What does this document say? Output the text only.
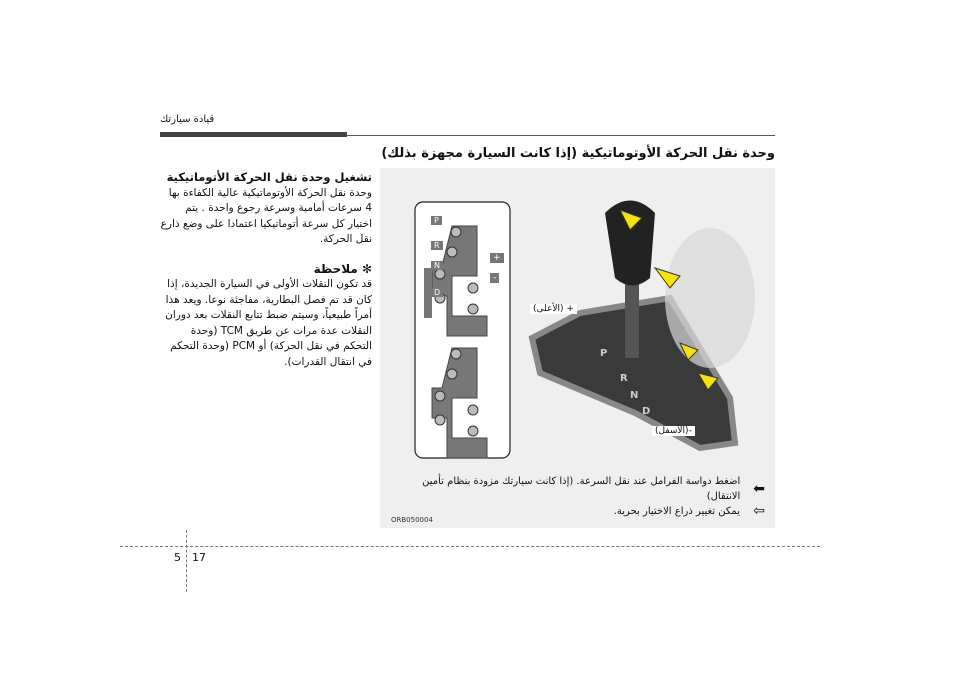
قيادة سيارتك
وحدة نقل الحركة الأوتوماتيكية (إذا كانت السيارة مجهزة بذلك)
تشغيل وحدة نقل الحركة الأتوماتيكية

وحدة نقل الحركة الأوتوماتيكية عالية الكفاءة بها 4 سرعات أمامية وسرعة رجوع واحدة . يتم اختيار كل سرعة أتوماتيكيا اعتمادا على وضع ذارع نقل الحركة.

✻ ملاحظة

قد تكون النقلات الأولى في السيارة الجديدة، إذا كان قد تم فصل البطارية، مفاجئة نوعا. ويعد هذا أمراً طبيعياً، وسيتم ضبط تتابع النقلات بعد دوران النقلات عدة مرات عن طريق TCM (وحدة التحكم في نقل الحركة) أو PCM (وحدة التحكم في انتقال القدرات).

P
R
N
D
+
-
P
R
N
D
+ (الأعلى)
-(الأسفل)
⬅
اضغط دواسة الفرامل عند نقل السرعة. (إذا كانت سيارتك مزودة بنظام تأمين الانتقال)
⇦
يمكن تغيير ذراع الاختيار بحرية.
ORB050004
5 17
